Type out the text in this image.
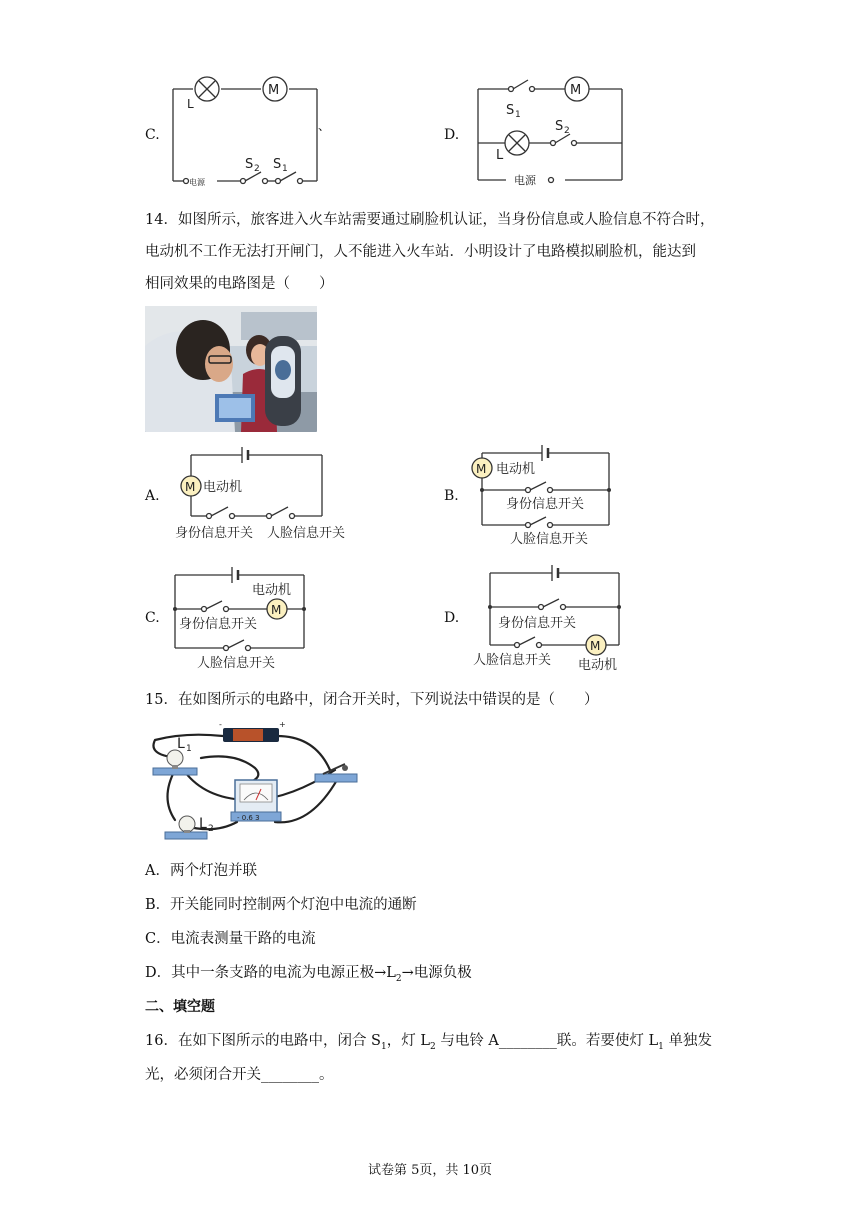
C.
M
L
电源
S 2 S 1
、
D.
M
S 1
S 2
L
电源
14．如图所示，旅客进入火车站需要通过刷脸机认证，当身份信息或人脸信息不符合时，
电动机不工作无法打开闸门，人不能进入火车站．小明设计了电路模拟刷脸机，能达到
相同效果的电路图是（　　）
A.
M 电动机
身份信息开关 人脸信息开关
B.
M 电动机
身份信息开关
人脸信息开关
C.	M
电动机
身份信息开关
人脸信息开关
D.
M
电动机
身份信息开关
人脸信息开关
15．在如图所示的电路中，闭合开关时，下列说法中错误的是（　　）
-	+
L 1
L 2
- 0.6 3
A．两个灯泡并联
B．开关能同时控制两个灯泡中电流的通断
C．电流表测量干路的电流
D．其中一条支路的电流为电源正极$\to L_2\to$电源负极
二、填空题
16．在如下图所示的电路中，闭合 $S_1$，灯 $L_2$ 与电铃 A________联。若要使灯 $L_1$ 单独发
光，必须闭合开关________。
试卷第 5页，共 10页
